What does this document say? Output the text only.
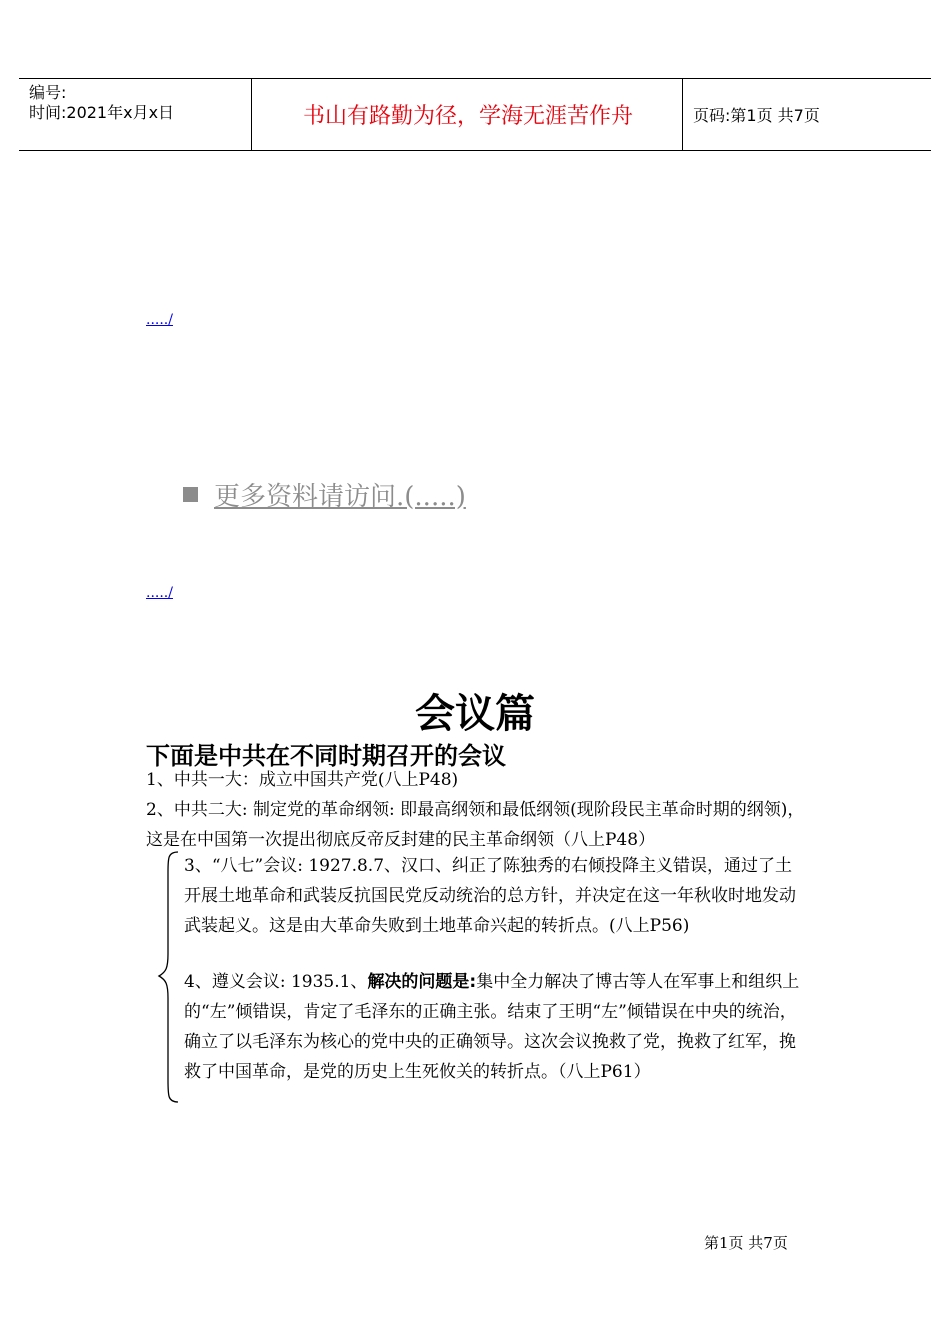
编号:
时间:2021年x月x日	书山有路勤为径，学海无涯苦作舟	页码:第1页 共7页
...../
更多资料请访问.(.....)
...../
会议篇
下面是中共在不同时期召开的会议
1、中共一大：成立中国共产党(八上P48)
2、中共二大: 制定党的革命纲领: 即最高纲领和最低纲领(现阶段民主革命时期的纲领)，这是在中国第一次提出彻底反帝反封建的民主革命纲领（八上P48）
3、“八七”会议: 1927.8.7、汉口、纠正了陈独秀的右倾投降主义错误，通过了土开展土地革命和武装反抗国民党反动统治的总方针，并决定在这一年秋收时地发动武装起义。这是由大革命失败到土地革命兴起的转折点。(八上P56)
4、遵义会议: 1935.1、解决的问题是:集中全力解决了博古等人在军事上和组织上的“左”倾错误，肯定了毛泽东的正确主张。结束了王明“左”倾错误在中央的统治，确立了以毛泽东为核心的党中央的正确领导。这次会议挽救了党，挽救了红军，挽救了中国革命，是党的历史上生死攸关的转折点。（八上P61）
第1页 共7页
